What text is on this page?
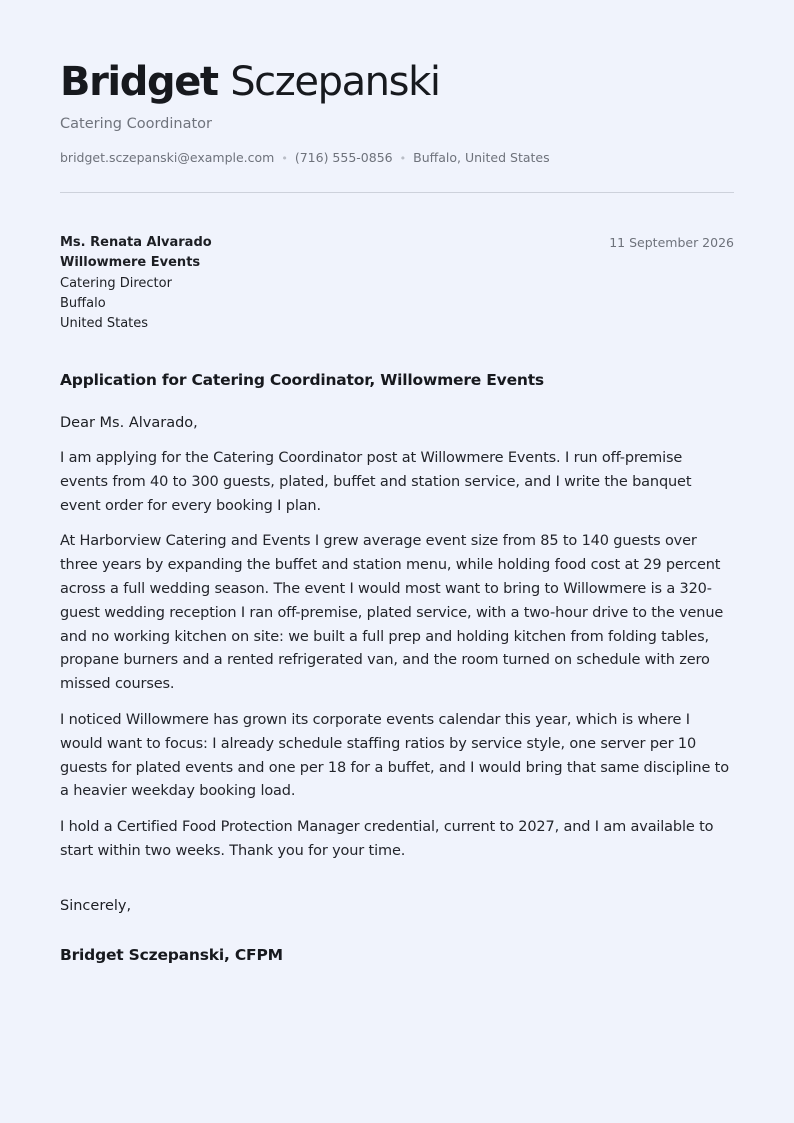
Bridget Sczepanski
Catering Coordinator
bridget.sczepanski@example.com • (716) 555-0856 • Buffalo, United States
Ms. Renata Alvarado
Willowmere Events
Catering Director
Buffalo
United States
11 September 2026
Application for Catering Coordinator, Willowmere Events
Dear Ms. Alvarado,
I am applying for the Catering Coordinator post at Willowmere Events. I run off-premise events from 40 to 300 guests, plated, buffet and station service, and I write the banquet event order for every booking I plan.
At Harborview Catering and Events I grew average event size from 85 to 140 guests over three years by expanding the buffet and station menu, while holding food cost at 29 percent across a full wedding season. The event I would most want to bring to Willowmere is a 320-guest wedding reception I ran off-premise, plated service, with a two-hour drive to the venue and no working kitchen on site: we built a full prep and holding kitchen from folding tables, propane burners and a rented refrigerated van, and the room turned on schedule with zero missed courses.
I noticed Willowmere has grown its corporate events calendar this year, which is where I would want to focus: I already schedule staffing ratios by service style, one server per 10 guests for plated events and one per 18 for a buffet, and I would bring that same discipline to a heavier weekday booking load.
I hold a Certified Food Protection Manager credential, current to 2027, and I am available to start within two weeks. Thank you for your time.
Sincerely,
Bridget Sczepanski, CFPM
